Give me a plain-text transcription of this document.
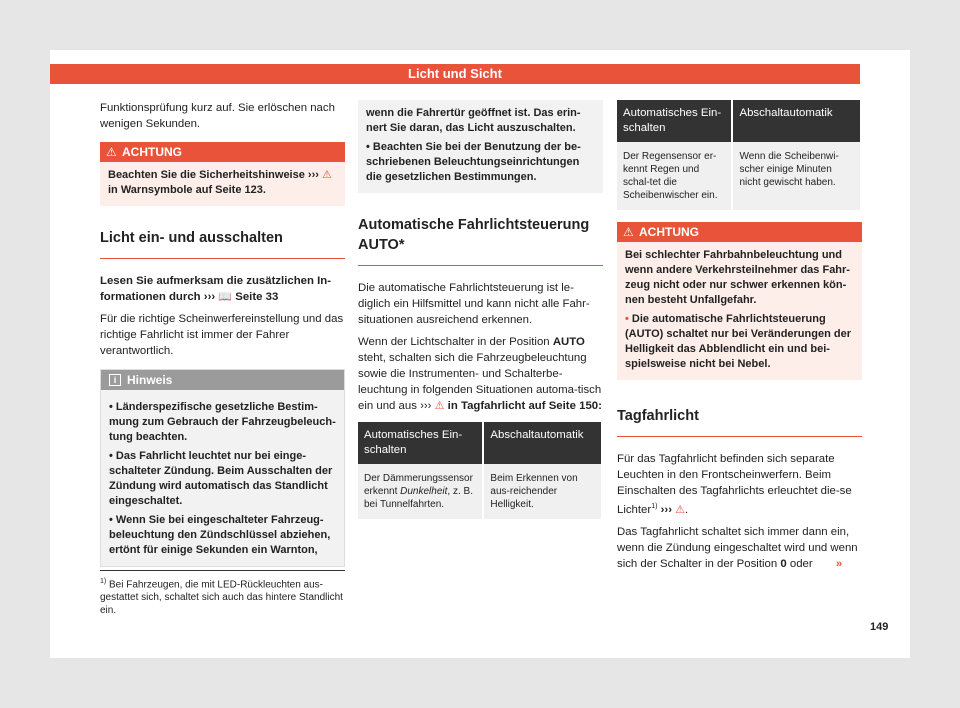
Licht und Sicht

Funktionsprüfung kurz auf. Sie erlöschen nach wenigen Sekunden.

⚠ ACHTUNG
Beachten Sie die Sicherheitshinweise ››› ⚠
in Warnsymbole auf Seite 123.
Licht ein- und ausschalten

Lesen Sie aufmerksam die zusätzlichen In-formationen durch ››› 📖 Seite 33

Für die richtige Scheinwerfereinstellung und das richtige Fahrlicht ist immer der Fahrer verantwortlich.

i Hinweis
• Länderspezifische gesetzliche Bestim-mung zum Gebrauch der Fahrzeugbeleuch-tung beachten.
• Das Fahrlicht leuchtet nur bei einge-schalteter Zündung. Beim Ausschalten der Zündung wird automatisch das Standlicht eingeschaltet.
• Wenn Sie bei eingeschalteter Fahrzeug-beleuchtung den Zündschlüssel abziehen, ertönt für einige Sekunden ein Warnton,
wenn die Fahrertür geöffnet ist. Das erin-nert Sie daran, das Licht auszuschalten.
• Beachten Sie bei der Benutzung der be-schriebenen Beleuchtungseinrichtungen die gesetzlichen Bestimmungen.
Automatische Fahrlichtsteuerung
AUTO*

Die automatische Fahrlichtsteuerung ist le-diglich ein Hilfsmittel und kann nicht alle Fahr-situationen ausreichend erkennen.

Wenn der Lichtschalter in der Position AUTO steht, schalten sich die Fahrzeugbeleuchtung sowie die Instrumenten- und Schalterbe-leuchtung in folgenden Situationen automa-tisch ein und aus ››› ⚠ in Tagfahrlicht auf Seite 150:

Automatisches Ein-schalten	Abschaltautomatik
Der Dämmerungssensor erkennt Dunkelheit, z. B. bei Tunnelfahrten.	Beim Erkennen von aus-reichender Helligkeit.
Automatisches Ein-schalten	Abschaltautomatik
Der Regensensor er-kennt Regen und schal-tet die Scheibenwischer ein.	Wenn die Scheibenwi-scher einige Minuten nicht gewischt haben.
⚠ ACHTUNG
Bei schlechter Fahrbahnbeleuchtung und wenn andere Verkehrsteilnehmer das Fahr-zeug nicht oder nur schwer erkennen kön-nen besteht Unfallgefahr.
• Die automatische Fahrlichtsteuerung (AUTO) schaltet nur bei Veränderungen der Helligkeit das Abblendlicht ein und bei-spielsweise nicht bei Nebel.
Tagfahrlicht

Für das Tagfahrlicht befinden sich separate Leuchten in den Frontscheinwerfern. Beim Einschalten des Tagfahrlichts erleuchtet die-se Lichter$^{1)}$ ››› ⚠.

Das Tagfahrlicht schaltet sich immer dann ein, wenn die Zündung eingeschaltet wird und wenn sich der Schalter in der Position 0 oder »

$^{1)}$ Bei Fahrzeugen, die mit LED-Rückleuchten aus-gestattet sich, schaltet sich auch das hintere Standlicht ein.
149
